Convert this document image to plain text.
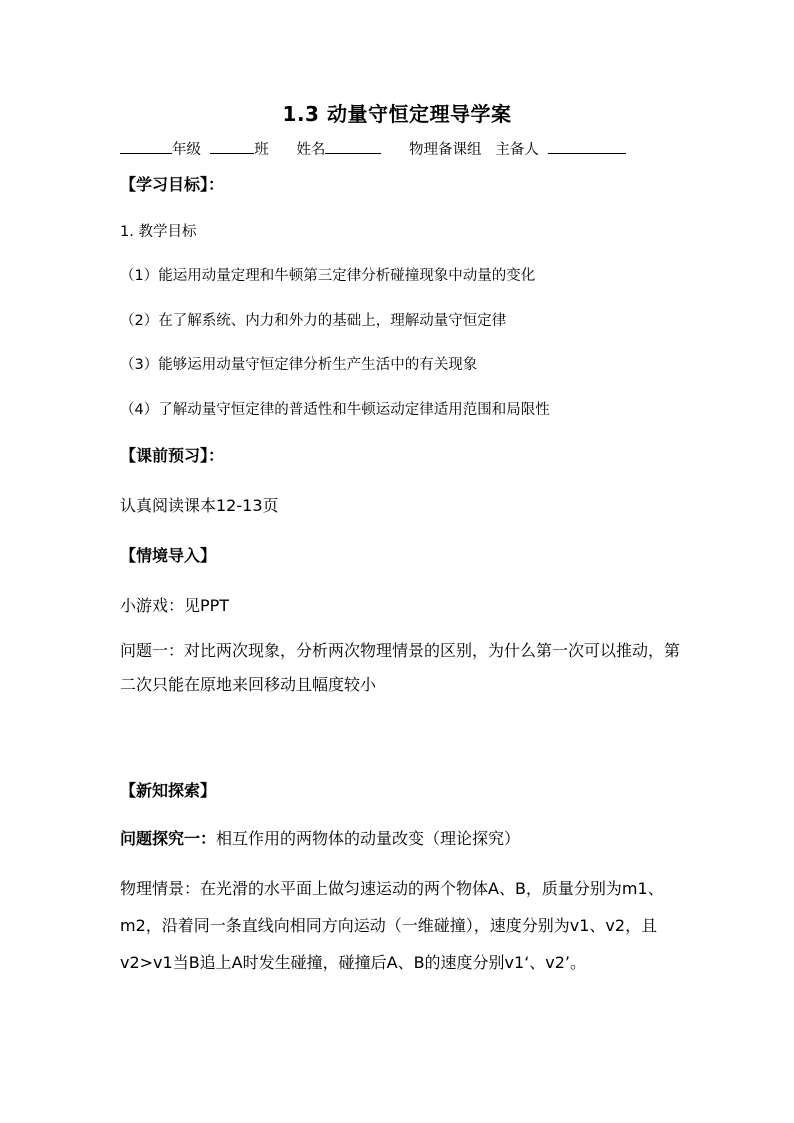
1.3 动量守恒定理导学案
年级	班 姓名	物理备课组 主备人
【学习目标】：
1. 教学目标
（1）能运用动量定理和牛顿第三定律分析碰撞现象中动量的变化
（2）在了解系统、内力和外力的基础上，理解动量守恒定律
（3）能够运用动量守恒定律分析生产生活中的有关现象
（4）了解动量守恒定律的普适性和牛顿运动定律适用范围和局限性
【课前预习】：
认真阅读课本12-13页
【情境导入】
小游戏：见PPT
问题一：对比两次现象，分析两次物理情景的区别，为什么第一次可以推动，第二次只能在原地来回移动且幅度较小
【新知探索】
问题探究一：相互作用的两物体的动量改变（理论探究）
物理情景：在光滑的水平面上做匀速运动的两个物体A、B，质量分别为m1、m2，沿着同一条直线向相同方向运动（一维碰撞），速度分别为v1、v2，且v2>v1当B追上A时发生碰撞，碰撞后A、B的速度分别v1‘、v2’。
